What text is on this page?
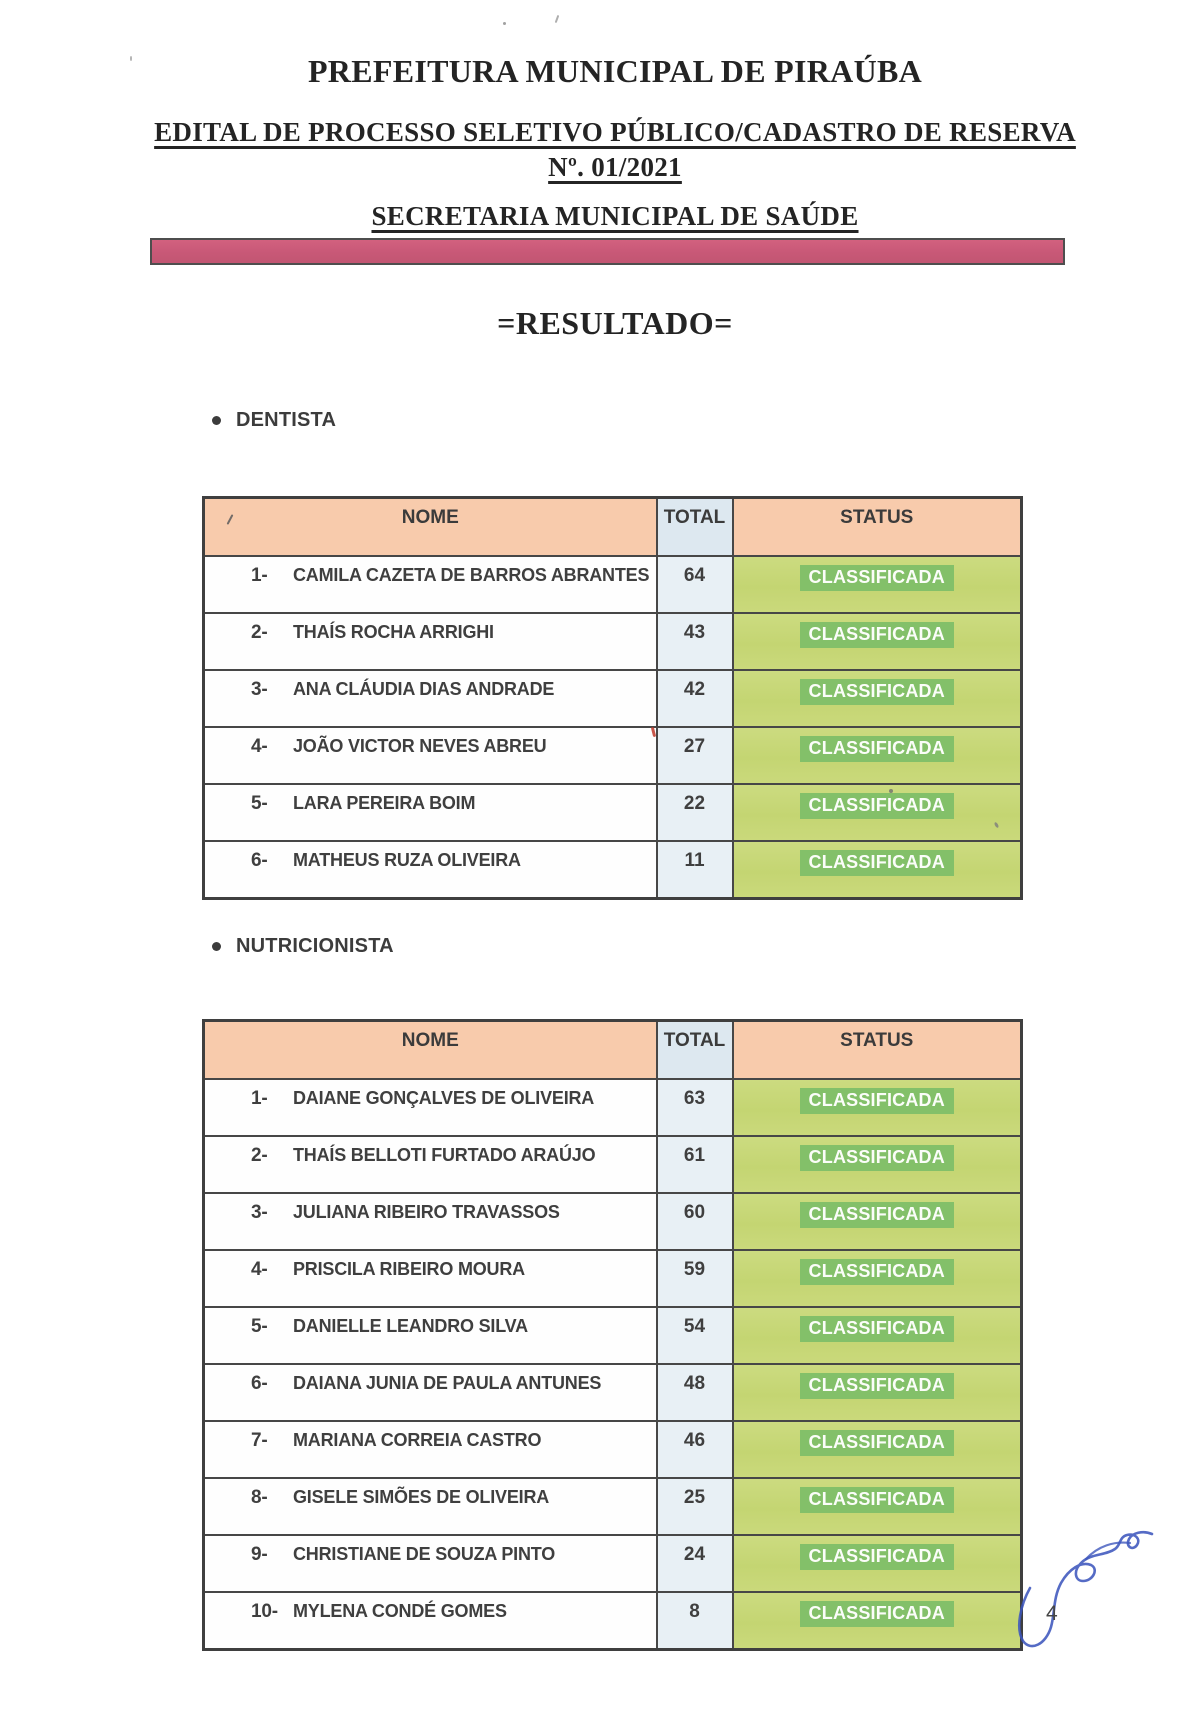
PREFEITURA MUNICIPAL DE PIRAÚBA
EDITAL DE PROCESSO SELETIVO PÚBLICO/CADASTRO DE RESERVA
Nº. 01/2021
SECRETARIA MUNICIPAL DE SAÚDE
=RESULTADO=
DENTISTA
NOME	TOTAL	STATUS
1- CAMILA CAZETA DE BARROS ABRANTES	64	CLASSIFICADA
2- THAÍS ROCHA ARRIGHI	43	CLASSIFICADA
3- ANA CLÁUDIA DIAS ANDRADE	42	CLASSIFICADA
4- JOÃO VICTOR NEVES ABREU	27	CLASSIFICADA
5- LARA PEREIRA BOIM	22	CLASSIFICADA
6- MATHEUS RUZA OLIVEIRA	11	CLASSIFICADA
NUTRICIONISTA
NOME	TOTAL	STATUS
1- DAIANE GONÇALVES DE OLIVEIRA	63	CLASSIFICADA
2- THAÍS BELLOTI FURTADO ARAÚJO	61	CLASSIFICADA
3- JULIANA RIBEIRO TRAVASSOS	60	CLASSIFICADA
4- PRISCILA RIBEIRO MOURA	59	CLASSIFICADA
5- DANIELLE LEANDRO SILVA	54	CLASSIFICADA
6- DAIANA JUNIA DE PAULA ANTUNES	48	CLASSIFICADA
7- MARIANA CORREIA CASTRO	46	CLASSIFICADA
8- GISELE SIMÕES DE OLIVEIRA	25	CLASSIFICADA
9- CHRISTIANE DE SOUZA PINTO	24	CLASSIFICADA
10- MYLENA CONDÉ GOMES	8	CLASSIFICADA	4
